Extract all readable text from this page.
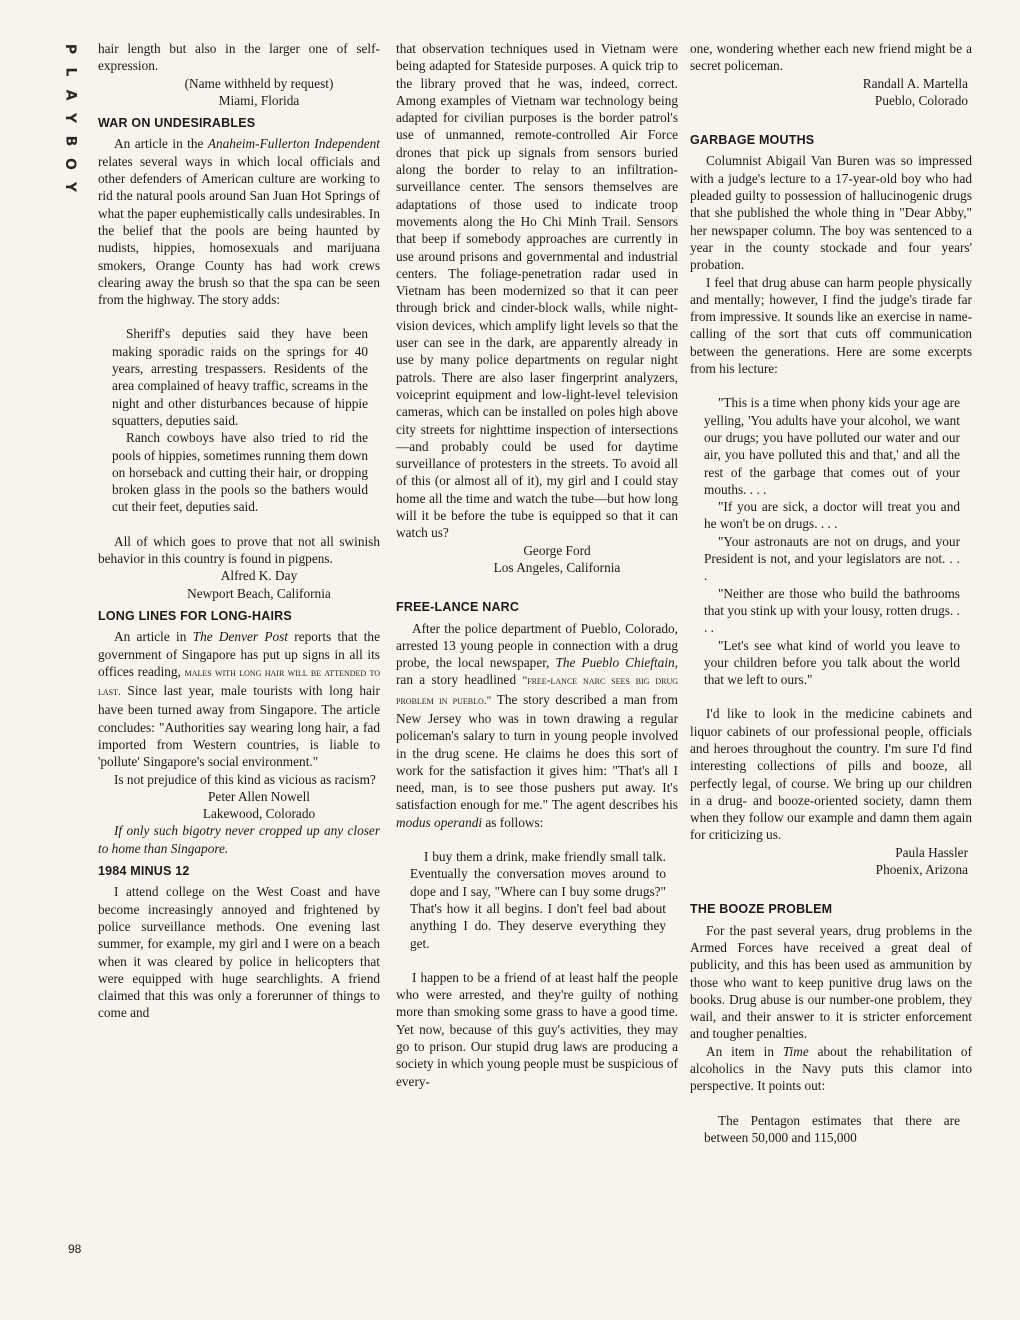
P
L
A
Y
B
O
Y
98

hair length but also in the larger one of self-expression.

(Name withheld by request)

Miami, Florida

WAR ON UNDESIRABLES

An article in the Anaheim-Fullerton Independent relates several ways in which local officials and other defenders of American culture are working to rid the natural pools around San Juan Hot Springs of what the paper euphemistically calls undesirables. In the belief that the pools are being haunted by nudists, hippies, homosexuals and marijuana smokers, Orange County has had work crews clearing away the brush so that the spa can be seen from the highway. The story adds:

Sheriff's deputies said they have been making sporadic raids on the springs for 40 years, arresting trespassers. Residents of the area complained of heavy traffic, screams in the night and other disturbances because of hippie squatters, deputies said.

Ranch cowboys have also tried to rid the pools of hippies, sometimes running them down on horseback and cutting their hair, or dropping broken glass in the pools so the bathers would cut their feet, deputies said.

All of which goes to prove that not all swinish behavior in this country is found in pigpens.

Alfred K. Day

Newport Beach, California

LONG LINES FOR LONG-HAIRS

An article in The Denver Post reports that the government of Singapore has put up signs in all its offices reading, males with long hair will be attended to last. Since last year, male tourists with long hair have been turned away from Singapore. The article concludes: "Authorities say wearing long hair, a fad imported from Western countries, is liable to 'pollute' Singapore's social environment."

Is not prejudice of this kind as vicious as racism?

Peter Allen Nowell

Lakewood, Colorado

If only such bigotry never cropped up any closer to home than Singapore.

1984 MINUS 12

I attend college on the West Coast and have become increasingly annoyed and frightened by police surveillance methods. One evening last summer, for example, my girl and I were on a beach when it was cleared by police in helicopters that were equipped with huge searchlights. A friend claimed that this was only a forerunner of things to come and

that observation techniques used in Vietnam were being adapted for Stateside purposes. A quick trip to the library proved that he was, indeed, correct. Among examples of Vietnam war technology being adapted for civilian purposes is the border patrol's use of unmanned, remote-controlled Air Force drones that pick up signals from sensors buried along the border to relay to an infiltration-surveillance center. The sensors themselves are adaptations of those used to indicate troop movements along the Ho Chi Minh Trail. Sensors that beep if somebody approaches are currently in use around prisons and governmental and industrial centers. The foliage-penetration radar used in Vietnam has been modernized so that it can peer through brick and cinder-block walls, while night-vision devices, which amplify light levels so that the user can see in the dark, are apparently already in use by many police departments on regular night patrols. There are also laser fingerprint analyzers, voiceprint equipment and low-light-level television cameras, which can be installed on poles high above city streets for nighttime inspection of intersections—and probably could be used for daytime surveillance of protesters in the streets. To avoid all of this (or almost all of it), my girl and I could stay home all the time and watch the tube—but how long will it be before the tube is equipped so that it can watch us?

George Ford

Los Angeles, California

FREE-LANCE NARC

After the police department of Pueblo, Colorado, arrested 13 young people in connection with a drug probe, the local newspaper, The Pueblo Chieftain, ran a story headlined "free-lance narc sees big drug problem in pueblo." The story described a man from New Jersey who was in town drawing a regular policeman's salary to turn in young people involved in the drug scene. He claims he does this sort of work for the satisfaction it gives him: "That's all I need, man, is to see those pushers put away. It's satisfaction enough for me." The agent describes his modus operandi as follows:

I buy them a drink, make friendly small talk. Eventually the conversation moves around to dope and I say, "Where can I buy some drugs?" That's how it all begins. I don't feel bad about anything I do. They deserve everything they get.

I happen to be a friend of at least half the people who were arrested, and they're guilty of nothing more than smoking some grass to have a good time. Yet now, because of this guy's activities, they may go to prison. Our stupid drug laws are producing a society in which young people must be suspicious of every-

one, wondering whether each new friend might be a secret policeman.

Randall A. Martella

Pueblo, Colorado

GARBAGE MOUTHS

Columnist Abigail Van Buren was so impressed with a judge's lecture to a 17-year-old boy who had pleaded guilty to possession of hallucinogenic drugs that she published the whole thing in "Dear Abby," her newspaper column. The boy was sentenced to a year in the county stockade and four years' probation.

I feel that drug abuse can harm people physically and mentally; however, I find the judge's tirade far from impressive. It sounds like an exercise in name-calling of the sort that cuts off communication between the generations. Here are some excerpts from his lecture:

"This is a time when phony kids your age are yelling, 'You adults have your alcohol, we want our drugs; you have polluted our water and our air, you have polluted this and that,' and all the rest of the garbage that comes out of your mouths. . . .

"If you are sick, a doctor will treat you and he won't be on drugs. . . .

"Your astronauts are not on drugs, and your President is not, and your legislators are not. . . .

"Neither are those who build the bathrooms that you stink up with your lousy, rotten drugs. . . .

"Let's see what kind of world you leave to your children before you talk about the world that we left to ours."

I'd like to look in the medicine cabinets and liquor cabinets of our professional people, officials and heroes throughout the country. I'm sure I'd find interesting collections of pills and booze, all perfectly legal, of course. We bring up our children in a drug- and booze-oriented society, damn them when they follow our example and damn them again for criticizing us.

Paula Hassler

Phoenix, Arizona

THE BOOZE PROBLEM

For the past several years, drug problems in the Armed Forces have received a great deal of publicity, and this has been used as ammunition by those who want to keep punitive drug laws on the books. Drug abuse is our number-one problem, they wail, and their answer to it is stricter enforcement and tougher penalties.

An item in Time about the rehabilitation of alcoholics in the Navy puts this clamor into perspective. It points out:

The Pentagon estimates that there are between 50,000 and 115,000
